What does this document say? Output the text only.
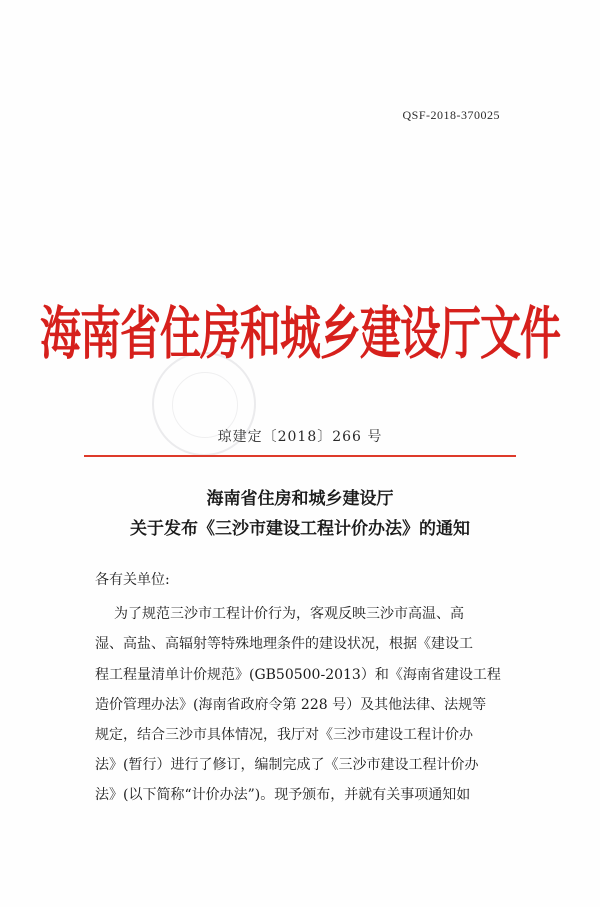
QSF-2018-370025
海南省住房和城乡建设厅文件
琼建定〔2018〕266 号
海南省住房和城乡建设厅
关于发布《三沙市建设工程计价办法》的通知
各有关单位:
为了规范三沙市工程计价行为，客观反映三沙市高温、高
湿、高盐、高辐射等特殊地理条件的建设状况，根据《建设工
程工程量清单计价规范》(GB50500-2013）和《海南省建设工程
造价管理办法》(海南省政府令第 228 号）及其他法律、法规等
规定，结合三沙市具体情况，我厅对《三沙市建设工程计价办
法》(暂行）进行了修订，编制完成了《三沙市建设工程计价办
法》(以下简称“计价办法”)。现予颁布，并就有关事项通知如
